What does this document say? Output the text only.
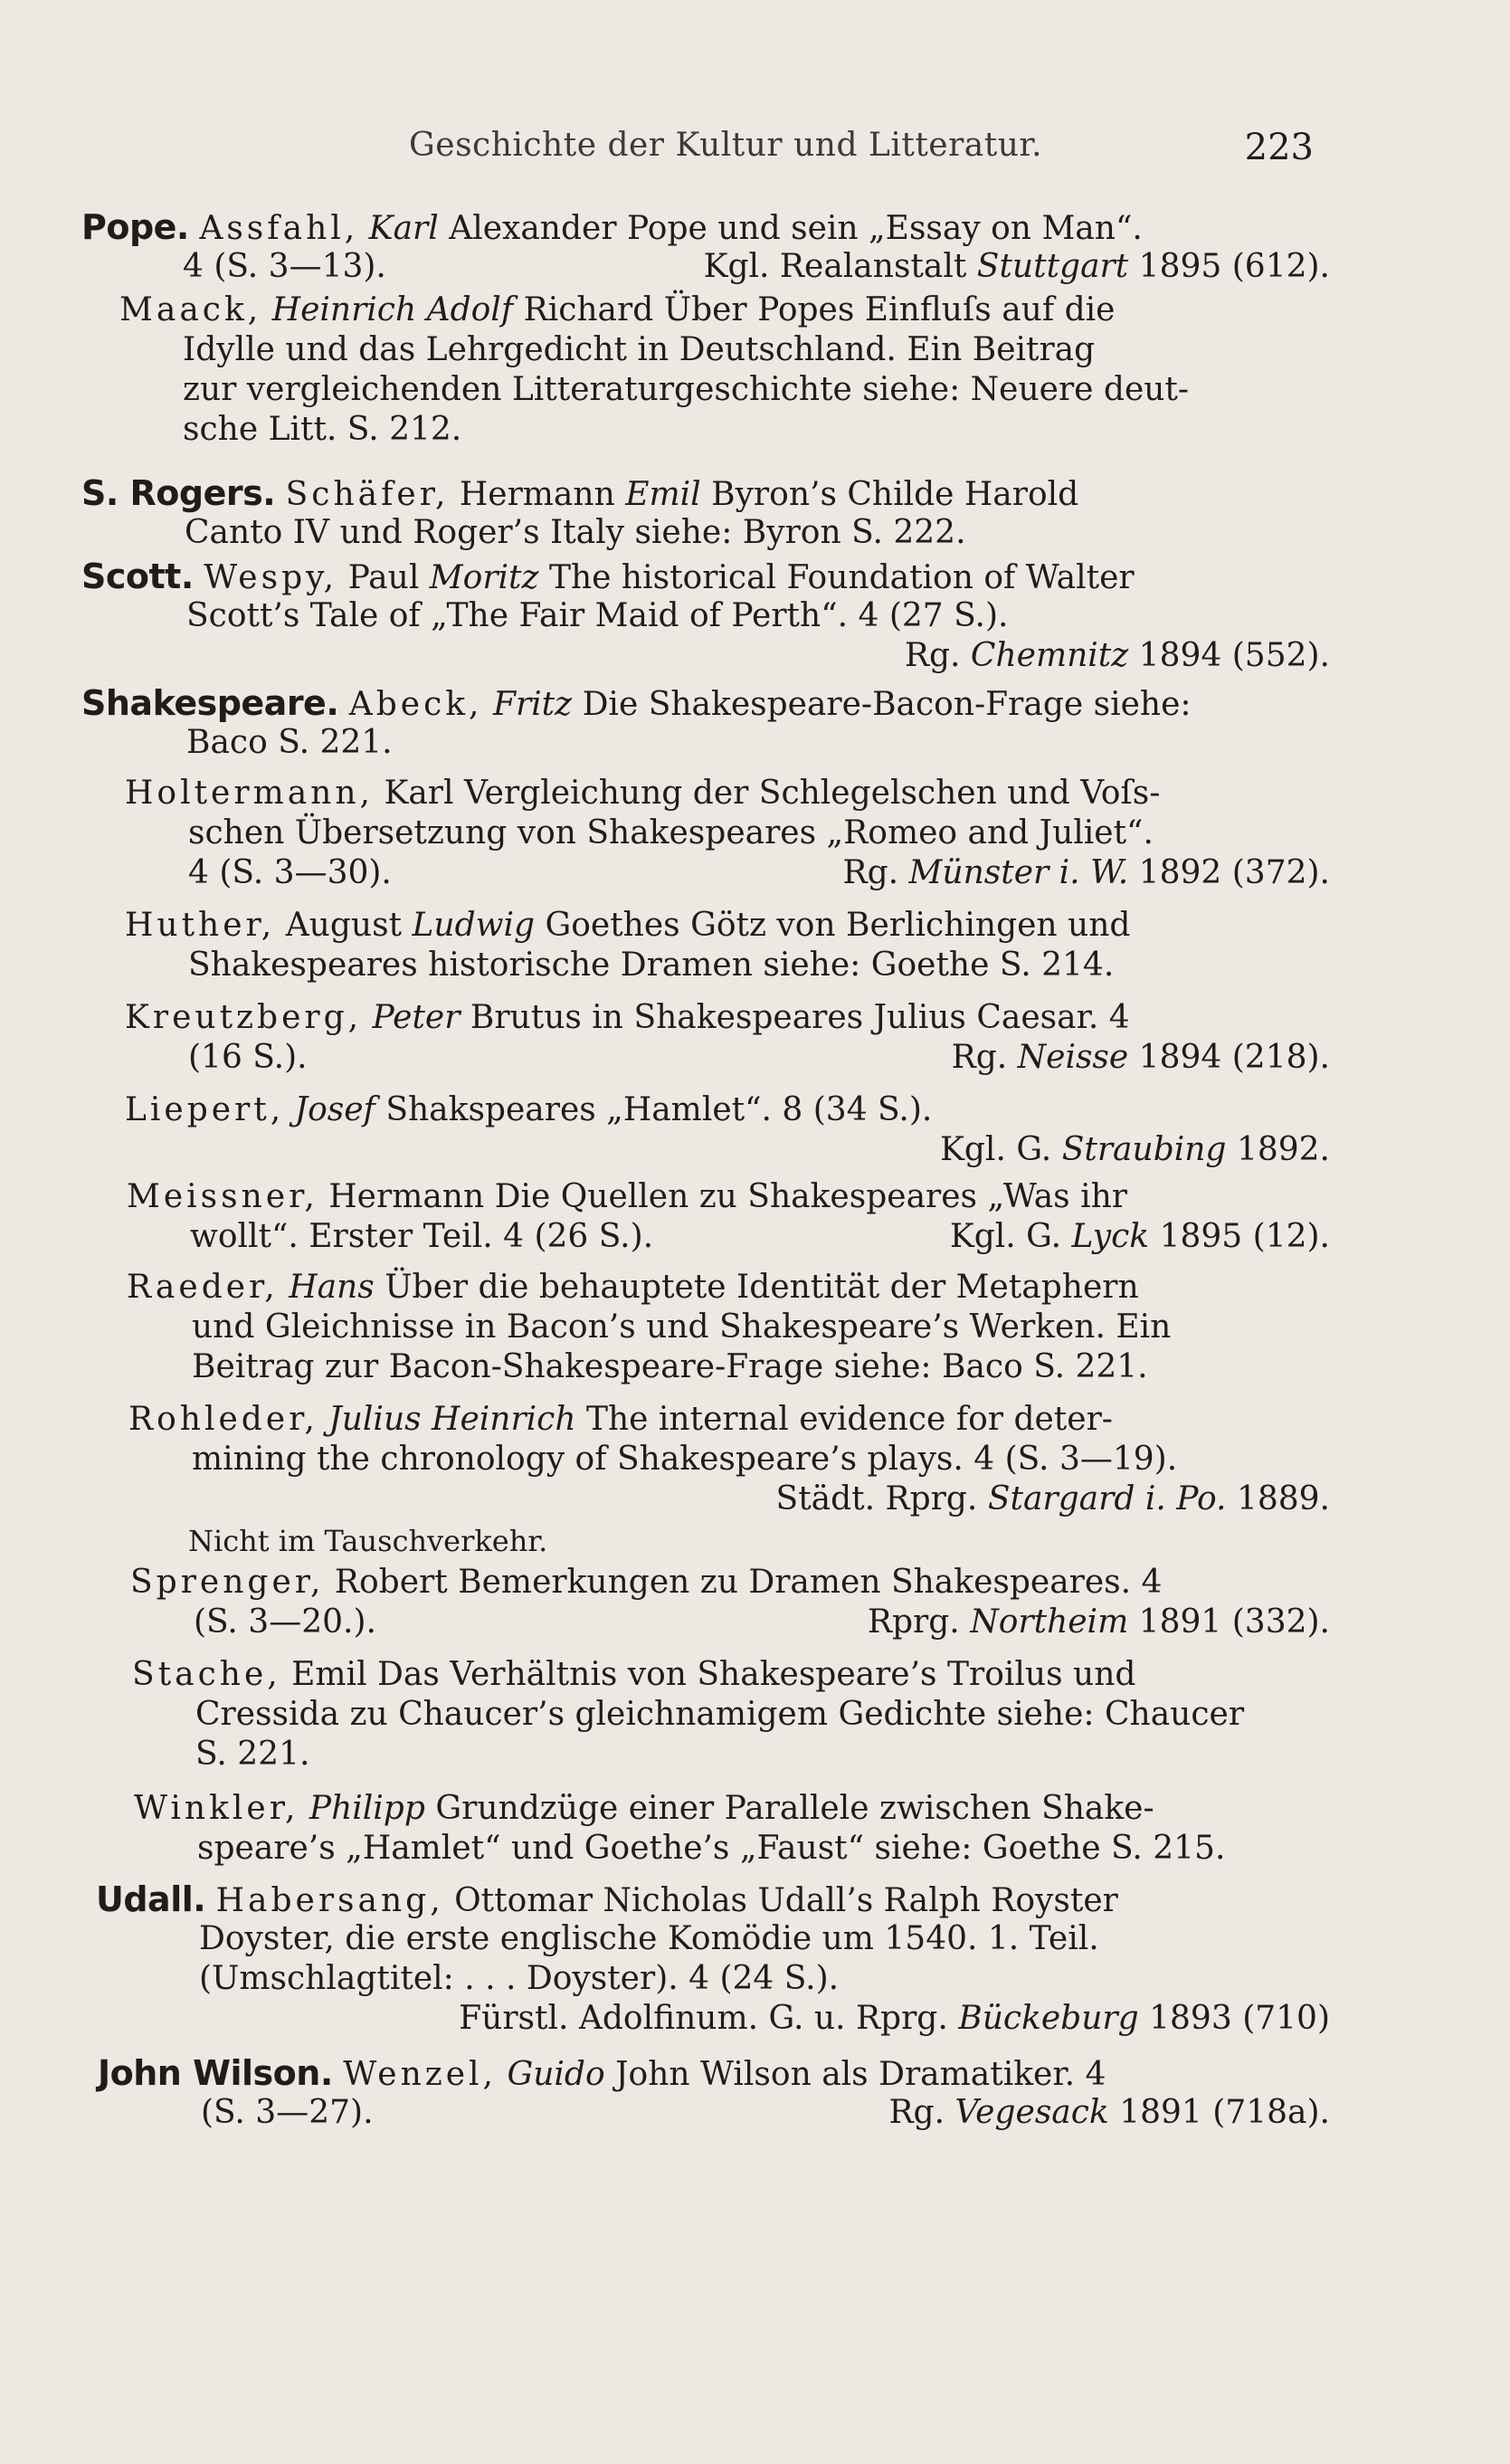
Geschichte der Kultur und Litteratur.	223
Pope. Assfahl, Karl Alexander Pope und sein „Essay on Man“.
4 (S. 3—13).	Kgl. Realanstalt Stuttgart 1895 (612).
Maack, Heinrich Adolf Richard Über Popes Einfluſs auf die
Idylle und das Lehrgedicht in Deutschland. Ein Beitrag
zur vergleichenden Litteraturgeschichte siehe: Neuere deut-
sche Litt. S. 212.
S. Rogers. Schäfer, Hermann Emil Byron’s Childe Harold
Canto IV und Roger’s Italy siehe: Byron S. 222.
Scott. Wespy, Paul Moritz The historical Foundation of Walter
Scott’s Tale of „The Fair Maid of Perth“. 4 (27 S.).
Rg. Chemnitz 1894 (552).
Shakespeare. Abeck, Fritz Die Shakespeare-Bacon-Frage siehe:
Baco S. 221.
Holtermann, Karl Vergleichung der Schlegelschen und Voſs-
schen Übersetzung von Shakespeares „Romeo and Juliet“.
4 (S. 3—30).	Rg. Münster i. W. 1892 (372).
Huther, August Ludwig Goethes Götz von Berlichingen und
Shakespeares historische Dramen siehe: Goethe S. 214.
Kreutzberg, Peter Brutus in Shakespeares Julius Caesar. 4
(16 S.).	Rg. Neisse 1894 (218).
Liepert, Josef Shakspeares „Hamlet“. 8 (34 S.).
Kgl. G. Straubing 1892.
Meissner, Hermann Die Quellen zu Shakespeares „Was ihr
wollt“. Erster Teil. 4 (26 S.).	Kgl. G. Lyck 1895 (12).
Raeder, Hans Über die behauptete Identität der Metaphern
und Gleichnisse in Bacon’s und Shakespeare’s Werken. Ein
Beitrag zur Bacon-Shakespeare-Frage siehe: Baco S. 221.
Rohleder, Julius Heinrich The internal evidence for deter-
mining the chronology of Shakespeare’s plays. 4 (S. 3—19).
Städt. Rprg. Stargard i. Po. 1889.
Nicht im Tauschverkehr.
Sprenger, Robert Bemerkungen zu Dramen Shakespeares. 4
(S. 3—20.).	Rprg. Northeim 1891 (332).
Stache, Emil Das Verhältnis von Shakespeare’s Troilus und
Cressida zu Chaucer’s gleichnamigem Gedichte siehe: Chaucer
S. 221.
Winkler, Philipp Grundzüge einer Parallele zwischen Shake-
speare’s „Hamlet“ und Goethe’s „Faust“ siehe: Goethe S. 215.
Udall. Habersang, Ottomar Nicholas Udall’s Ralph Royster
Doyster, die erste englische Komödie um 1540. 1. Teil.
(Umschlagtitel: . . . Doyster). 4 (24 S.).
Fürstl. Adolfinum. G. u. Rprg. Bückeburg 1893 (710)
John Wilson. Wenzel, Guido John Wilson als Dramatiker. 4
(S. 3—27).	Rg. Vegesack 1891 (718a).
